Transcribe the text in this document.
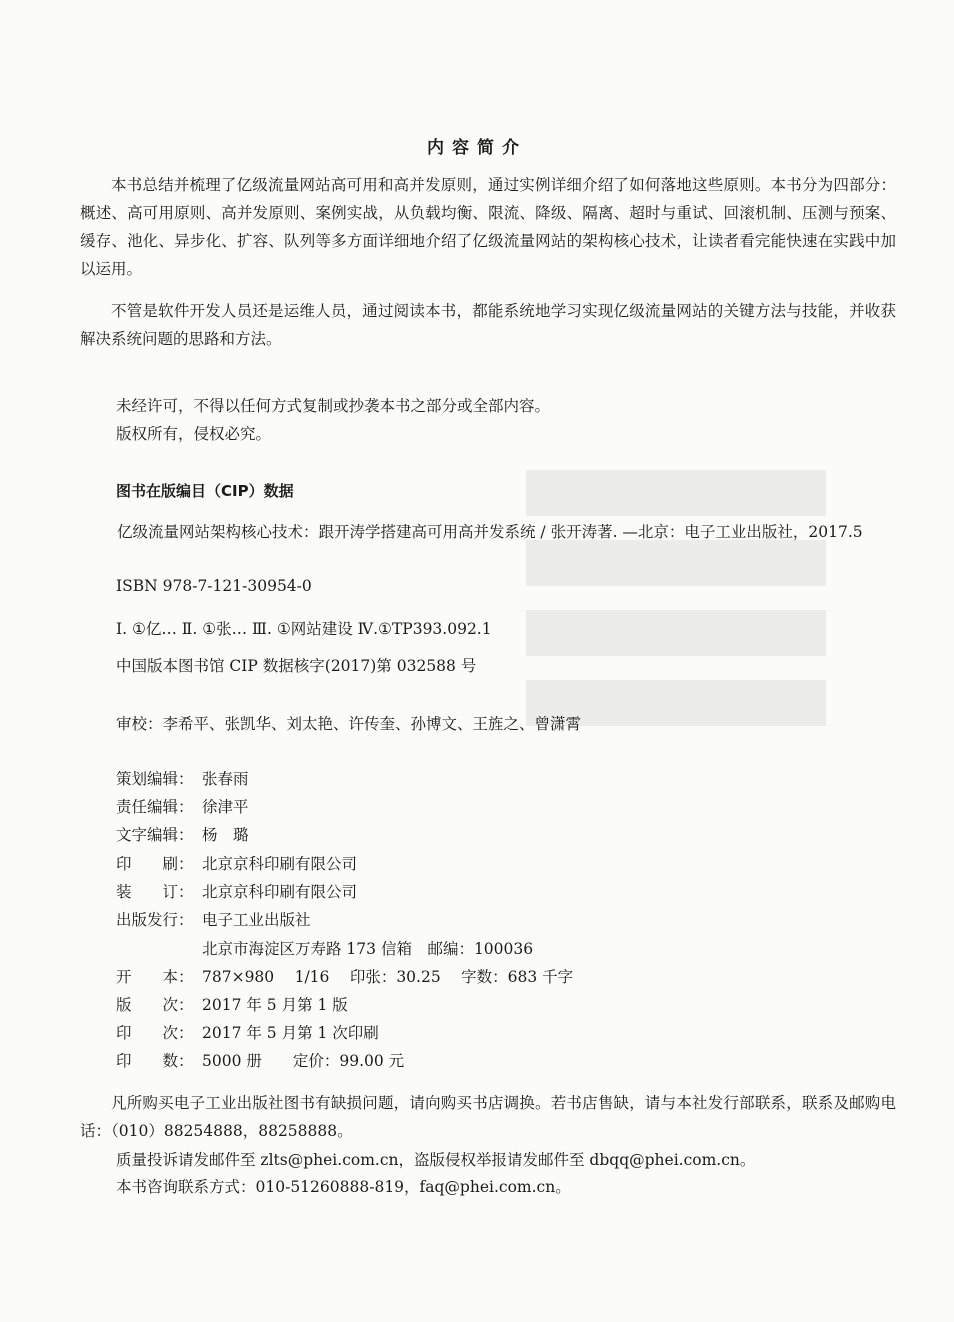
内容简介

本书总结并梳理了亿级流量网站高可用和高并发原则，通过实例详细介绍了如何落地这些原则。本书分为四部分：概述、高可用原则、高并发原则、案例实战，从负载均衡、限流、降级、隔离、超时与重试、回滚机制、压测与预案、缓存、池化、异步化、扩容、队列等多方面详细地介绍了亿级流量网站的架构核心技术，让读者看完能快速在实践中加以运用。

不管是软件开发人员还是运维人员，通过阅读本书，都能系统地学习实现亿级流量网站的关键方法与技能，并收获解决系统问题的思路和方法。

未经许可，不得以任何方式复制或抄袭本书之部分或全部内容。
版权所有，侵权必究。
图书在版编目（CIP）数据

亿级流量网站架构核心技术：跟开涛学搭建高可用高并发系统 / 张开涛著. —北京：电子工业出版社，2017.5

ISBN 978-7-121-30954-0
Ⅰ. ①亿… Ⅱ. ①张… Ⅲ. ①网站建设 Ⅳ.①TP393.092.1
中国版本图书馆 CIP 数据核字(2017)第 032588 号
审校：李希平、张凯华、刘太艳、许传奎、孙博文、王旌之、曾潇霄
策划编辑： 张春雨
责任编辑： 徐津平
文字编辑： 杨　璐
印　　刷： 北京京科印刷有限公司
装　　订： 北京京科印刷有限公司
出版发行： 电子工业出版社
北京市海淀区万寿路 173 信箱　邮编：100036
开　　本： 787×980　 1/16　 印张：30.25　 字数：683 千字
版　　次： 2017 年 5 月第 1 版
印　　次： 2017 年 5 月第 1 次印刷
印　　数： 5000 册　　定价：99.00 元

凡所购买电子工业出版社图书有缺损问题，请向购买书店调换。若书店售缺，请与本社发行部联系，联系及邮购电话：（010）88254888，88258888。

质量投诉请发邮件至 zlts@phei.com.cn，盗版侵权举报请发邮件至 dbqq@phei.com.cn。
本书咨询联系方式：010-51260888-819，faq@phei.com.cn。
